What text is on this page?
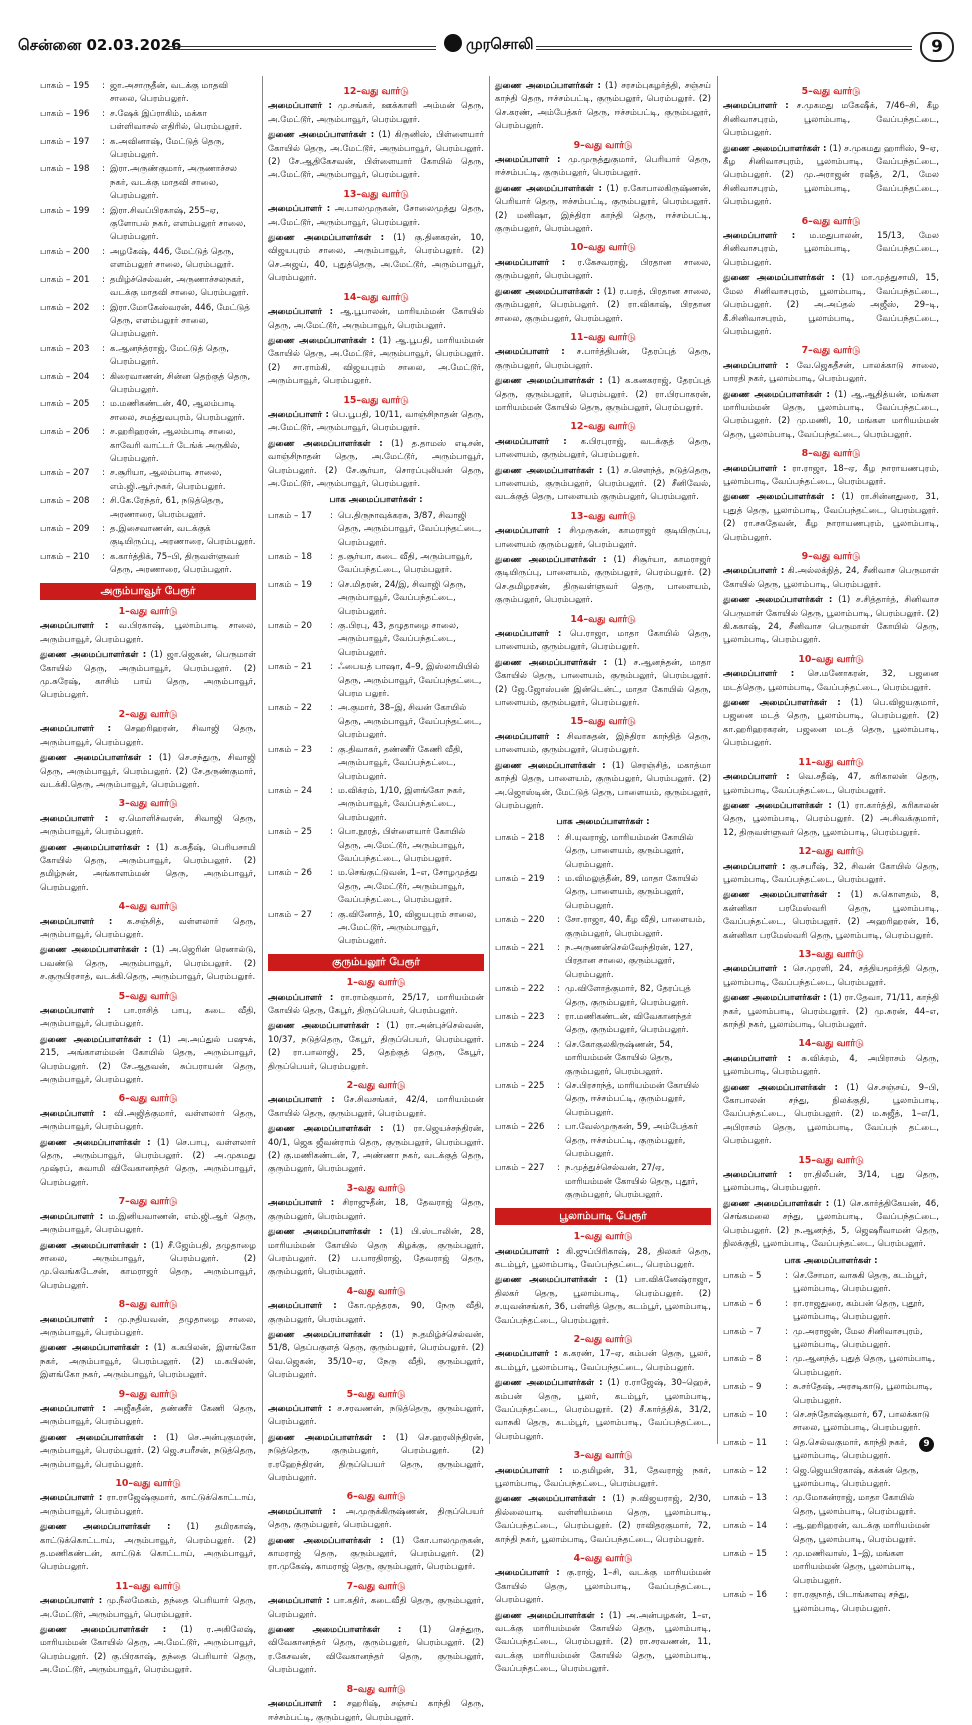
சென்னை 02.03.2026	முரசொலி	9
பாகம் – 195	: ஜா.அசாருதீன், வடக்கு மாதவி சாலை, பெரம்பலூர்.
பாகம் – 196	: ச.ஷேக் இப்ராகிம், மக்கா பள்ளிவாசல் எதிரில், பெரம்பலூர்.
பாகம் – 197	: க.அவினாஷ், மேட்டுத் தெரு, பெரம்பலூர்.
பாகம் – 198	: இரா.அருண்குமார், அருணாச்சல நகர், வடக்கு மாதவி சாலை, பெரம்பலூர்.
பாகம் – 199	: இரா.சிவப்பிரகாஷ், 255–ஏ, குளோபல் நகர், எளம்பலூர் சாலை, பெரம்பலூர்.
பாகம் – 200	: அழகேஷ், 446, மேட்டுத் தெரு, எளம்பலூர் சாலை, பெரம்பலூர்.
பாகம் – 201	: தமிழ்ச்செல்வன், அருணாச்சலநகர், வடக்கு மாதவி சாலை, பெரம்பலூர்.
பாகம் – 202	: இரா.மோகேஸ்வரன், 446, மேட்டுத் தெரு, எளம்பலூர் சாலை, பெரம்பலூர்.
பாகம் – 203	: க.ஆனந்த்ராஜ், மேட்டுத் தெரு, பெரம்பலூர்.
பாகம் – 204	: கிரைவாணன், சின்ன தெற்குத் தெரு, பெரம்பலூர்.
பாகம் – 205	: ம.மணிகண்டன், 40, ஆலம்பாடி சாலை, சமத்துவபுரம், பெரம்பலூர்.
பாகம் – 206	: ச.ஹரிஹரன், ஆலம்பாடி சாலை, காவேரி வாட்டர் டேங்க் அருகில், பெரம்பலூர்.
பாகம் – 207	: ச.சூரியா, ஆலம்பாடி சாலை, எம்.ஜி.ஆர்.நகர், பெரம்பலூர்.
பாகம் – 208	: சி.கே.ரேந்தர், 61, நடுத்தெரு, அரணாரை, பெரம்பலூர்.
பாகம் – 209	: த.இசைவாணன், வடக்குக் குடியிருப்பு, அரணாரை, பெரம்பலூர்.
பாகம் – 210	: க.கார்த்திக், 75–பி, திருவள்ளுவர் தெரு, அரணாரை, பெரம்பலூர்.
அரும்பாவூர் பேரூர்
1–வது வார்டு
அமைப்பாளர் : வ.பிரகாஷ், பூலாம்பாடி சாலை, அரும்பாவூர், பெரம்பலூர்.
துணை அமைப்பாளர்கள் : (1) ஜா.ஜெகன், பெருமாள் கோயில் தெரு, அரும்பாவூர், பெரம்பலூர். (2) மு.சுரேஷ், காசிம் பாய் தெரு, அரும்பாவூர், பெரம்பலூர்.
2–வது வார்டு
அமைப்பாளர் : செஹரிஹரன், சிவாஜி தெரு, அரும்பாவூர், பெரம்பலூர்.
துணை அமைப்பாளர்கள் : (1) செ.சந்துரு, சிவாஜி தெரு, அரும்பாவூர், பெரம்பலூர். (2) சே.தருண்குமார், வடக்கி.தெரு, அரும்பாவூர், பெரம்பலூர்.
3–வது வார்டு
அமைப்பாளர் : ஏ.மொளிச்வரன், சிவாஜி தெரு, அரும்பாவூர், பெரம்பலூர்.
துணை அமைப்பாளர்கள் : (1) க.கதீஷ், பெரியசாமி கோயில் தெரு, அரும்பாவூர், பெரம்பலூர். (2) தமிழ்நன், அங்காளம்மன் தெரு, அரும்பாவூர், பெரம்பலூர்.
4–வது வார்டு
அமைப்பாளர் : க.சஞ்சித், வள்ளலார் தெரு, அரும்பாவூர், பெரம்பலூர்.
துணை அமைப்பாளர்கள் : (1) அ.ஜெரின் ரெனால்டு, பவண்டு தெரு, அரும்பாவூர், பெரம்பலூர். (2) ச.குருபிரசாத், வடக்கி.தெரு, அரும்பாவூர், பெரம்பலூர்.
5–வது வார்டு
அமைப்பாளர் : பா.ராசித் பாபு, கடை வீதி, அரும்பாவூர், பெரம்பலூர்.
துணை அமைப்பாளர்கள் : (1) அ.அப்துல் பஷுக், 215, அங்காளம்மன் கோயில் தெரு, அரும்பாவூர், பெரம்பலூர். (2) சே.ஆதவன், சுப்பராயன் தெரு, அரும்பாவூர், பெரம்பலூர்.
6–வது வார்டு
அமைப்பாளர் : வி.அஜித்குமார், வள்ளலார் தெரு, அரும்பாவூர், பெரம்பலூர்.
துணை அமைப்பாளர்கள் : (1) செ.பாபு, வள்ளலார் தெரு, அரும்பாவூர், பெரம்பலூர். (2) அ.முகமது முஷ்ரப், சுவாமி விவேகானந்தர் தெரு, அரும்பாவூர், பெரம்பலூர்.
7–வது வார்டு
அமைப்பாளர் : ம.இனியவாணன், எம்.ஜி.ஆர் தெரு, அரும்பாவூர், பெரம்பலூர்.
துணை அமைப்பாளர்கள் : (1) சீ.ஜேம்பதி, தழுதாழை சாலை, அரும்பாவூர், பெரம்பலூர். (2) மு.வெங்கடேசன், காமராஜர் தெரு, அரும்பாவூர், பெரம்பலூர்.
8–வது வார்டு
அமைப்பாளர் : மு.நதியவன், தழுதாழை சாலை, அரும்பாவூர், பெரம்பலூர்.
துணை அமைப்பாளர்கள் : (1) க.கபிலன், இளங்கோ நகர், அரும்பாவூர், பெரம்பலூர். (2) ம.கபிலன், இளங்கோ நகர், அரும்பாவூர், பெரம்பலூர்.
9–வது வார்டு
அமைப்பாளர் : அஜீசுதீன், தண்ணீர் கேணி தெரு, அரும்பாவூர், பெரம்பலூர்.
துணை அமைப்பாளர்கள் : (1) செ.அன்புகுமரன், அரும்பாவூர், பெரம்பலூர். (2) ஜெ.சபரீசன், நடுத்தெரு, அரும்பாவூர், பெரம்பலூர்.
10–வது வார்டு
அமைப்பாளர் : ரா.ராஜேஷ்குமார், காட்டுக்கொட்டாய், அரும்பாவூர், பெரம்பலூர்.
துணை அமைப்பாளர்கள் : (1) தமிரகாஷ், காட்டுக்கொட்டாய், அரும்பாவூர், பெரம்பலூர். (2) த.மணிகண்டன், காட்டுக் கொட்டாய், அரும்பாவூர், பெரம்பலூர்.
11–வது வார்டு
அமைப்பாளர் : மு.நீலமேகம், தந்தை பெரியார் தெரு, அ.மேட்டூர், அரும்பாவூர், பெரம்பலூர்.
துணை அமைப்பாளர்கள் : (1) ர.அகிலேஷ், மாரியம்மன் கோயில் தெரு, அ.மேட்டூர், அரும்பாவூர், பெரம்பலூர். (2) கு.பிரகாஷ், தந்தை பெரியார் தெரு, அ.மேட்டூர், அரும்பாவூர், பெரம்பலூர்.
12–வது வார்டு
அமைப்பாளர் : மு.சங்கர், ஊக்காளி அம்மன் தெரு, அ.மேட்டூர், அரும்பாவூர், பெரம்பலூர்.
துணை அமைப்பாளர்கள் : (1) கிருனிஸ், பிள்ளையார் கோயில் தெரு, அ.மேட்டூர், அரும்பாவூர், பெரம்பலூர். (2) சே.ஆதிகேசவன், பிள்ளையார் கோயில் தெரு, அ.மேட்டூர், அரும்பாவூர், பெரம்பலூர்.
13–வது வார்டு
அமைப்பாளர் : அ.பாலமுருகன், சோலைமுத்து தெரு, அ.மேட்டூர், அரும்பாவூர், பெரம்பலூர்.
துணை அமைப்பாளர்கள் : (1) கு.தினகரன், 10, விஜயபுரம் சாலை, அரும்பாவூர், பெரம்பலூர். (2) செ.அஜய், 40, புதுத்தெரு, அ.மேட்டூர், அரும்பாவூர், பெரம்பலூர்.
14–வது வார்டு
அமைப்பாளர் : ஆ.பூபாலன், மாரியம்மன் கோயில் தெரு, அ.மேட்டூர், அரும்பாவூர், பெரம்பலூர்.
துணை அமைப்பாளர்கள் : (1) ஆ.பூபதி, மாரியம்மன் கோயில் தெரு, அ.மேட்டூர், அரும்பாவூர், பெரம்பலூர். (2) சா.ராம்கி, விஜயபுரம் சாலை, அ.மேட்டூர், அரும்பாவூர், பெரம்பலூர்.
15–வது வார்டு
அமைப்பாளர் : பெ.பூபதி, 10/11, வாஞ்சிநாதன் தெரு, அ.மேட்டூர், அரும்பாவூர், பெரம்பலூர்.
துணை அமைப்பாளர்கள் : (1) த.தாமஸ் எடிசன், வாஞ்சிநாதன் தெரு, அ.மேட்டூர், அரும்பாவூர், பெரம்பலூர். (2) சே.சூர்யா, சொரப்புலியன் தெரு, அ.மேட்டூர், அரும்பாவூர், பெரம்பலூர்.
பாக அமைப்பாளர்கள் :
பாகம் – 17	: பெ.திருநாவுக்கரசு, 3/87, சிவாஜி தெரு, அரும்பாவூர், வேப்பந்தட்டை, பெரம்பலூர்.
பாகம் – 18	: த.சூர்யா, கடை வீதி, அரும்பாவூர், வேப்பந்தட்டை, பெரம்பலூர்.
பாகம் – 19	: செ.மிதரன், 24/இ, சிவாஜி தெரு, அரும்பாவூர், வேப்பந்தட்டை, பெரம்பலூர்.
பாகம் – 20	: கு.பிரபு, 43, தழுதாழை சாலை, அரும்பாவூர், வேப்பந்தட்டை, பெரம்பலூர்.
பாகம் – 21	: ஃபையத் பாஷா, 4–9, இஸ்லாமியில் தெரு, அரும்பாவூர், வேப்பந்தட்டை, பெரம பலூர்.
பாகம் – 22	: அ.குமார், 38–இ, சிவன் கோயில் தெரு, அரும்பாவூர், வேப்பந்தட்டை, பெரம்பலூர்.
பாகம் – 23	: கு.திவாகர், தண்ணீர் கேணி வீதி, அரும்பாவூர், வேப்பந்தட்டை, பெரம்பலூர்.
பாகம் – 24	: ம.விக்ரம், 1/10, இளங்கோ நகர், அரும்பாவூர், வேப்பந்தட்டை, பெரம்பலூர்.
பாகம் – 25	: பொ.நூரத், பிள்ளையார் கோயில் தெரு, அ.மேட்டூர், அரும்பாவூர், வேப்பந்தட்டை, பெரம்பலூர்.
பாகம் – 26	: ம.செங்குட்டுவன், 1–எ, சோழமுத்து தெரு, அ.மேட்டூர், அரும்பாவூர், வேப்பந்தட்டை, பெரம்பலூர்.
பாகம் – 27	: கு.வினோத், 10, விஜயபுரம் சாலை, அ.மேட்டூர், அரும்பாவூர், பெரம்பலூர்.
குரும்பலூர் பேரூர்
1–வது வார்டு
அமைப்பாளர் : ரா.ராம்குமார், 25/17, மாரியம்மன் கோயில் தெரு, கேபூர், திருப்பெயர், பெரம்பலூர்.
துணை அமைப்பாளர்கள் : (1) ரா.அன்புச்செல்வன், 10/37, நடுத்தெரு, கேபூர், திருப்பெயர், பெரம்பலூர். (2) ரா.பாலாஜி, 25, தெற்குத் தெரு, கேபூர், திருப்பெயர், பெரம்பலூர்.
2–வது வார்டு
அமைப்பாளர் : சே.சிவசங்கர், 42/4, மாரியம்மன் கோயில் தெரு, குரும்பலூர், பெரம்பலூர்.
துணை அமைப்பாளர்கள் : (1) ரா.ஜெயச்சந்திரன், 40/1, ஜெக ஜீவன்ராம் தெரு, குரும்பலூர், பெரம்பலூர். (2) கு.மணிகண்டன், 7, அண்ணா நகர், வடக்குத் தெரு, குரும்பலூர், பெரம்பலூர்.
3–வது வார்டு
அமைப்பாளர் : சிராஜுதீன், 18, தேவராஜ் தெரு, குரும்பலூர், பெரம்பலூர்.
துணை அமைப்பாளர்கள் : (1) பி.ஸ்டாலின், 28, மாரியம்மன் கோயில் தெரு கிழக்கு, குரும்பலூர், பெரம்பலூர். (2) ப.பாரதிராஜ், தேவராஜ் தெரு, குரும்பலூர், பெரம்பலூர்.
4–வது வார்டு
அமைப்பாளர் : கோ.முத்தரசு, 90, நேரு வீதி, குரும்பலூர், பெரம்பலூர்.
துணை அமைப்பாளர்கள் : (1) ந.தமிழ்ச்செல்வன், 51/8, தெப்பகுளத் தெரு, குரும்பலூர், பெரம்பலூர். (2) வெ.ஜெகன், 35/10–ஏ, நேரு வீதி, குரும்பலூர், பெரம்பலூர்.
5–வது வார்டு
அமைப்பாளர் : ச.சரவணன், நடுத்தெரு, குரும்பலூர், பெரம்பலூர்.
துணை அமைப்பாளர்கள் : (1) செ.ஹரலிந்திரன், நடுத்தெரு, குரும்பலூர், பெரம்பலூர். (2) ர.ரஹேந்திரன், திருப்பெயர் தெரு, குரும்பலூர், பெரம்பலூர்.
6–வது வார்டு
அமைப்பாளர் : அ.முருக்கிருஷ்ணன், திருப்பெயர் தெரு, குரும்பலூர், பெரம்பலூர்.
துணை அமைப்பாளர்கள் : (1) கோ.பாலமுருகன், காமராஜ் தெரு, குரும்பலூர், பெரம்பலூர். (2) ரா.முகேஷ், காமராஜ் தெரு, குரும்பலூர், பெரம்பலூர்.
7–வது வார்டு
அமைப்பாளர் : பா.கதிர், கடைவீதி தெரு, குரும்பலூர், பெரம்பலூர்.
துணை அமைப்பாளர்கள் : (1) செந்துரு, விவேகானந்தர் தெரு, குரும்பலூர், பெரம்பலூர். (2) ர.கேசவன், விவேகானந்தர் தெரு, குரும்பலூர், பெரம்பலூர்.
8–வது வார்டு
அமைப்பாளர் : சஹரிஷ், சஞ்சய் காந்தி தெரு, ஈச்சம்பட்டி, குரும்பலூர், பெரம்பலூர்.
துணை அமைப்பாளர்கள் : (1) சரசம்புகழர்த்தி, சஞ்சய் காந்தி தெரு, ஈச்சம்பட்டி, குரும்பலூர், பெரம்பலூர். (2) செ.கரண், அம்பேத்கர் தெரு, ஈச்சம்பட்டி, குரும்பலூர், பெரம்பலூர்.
9–வது வார்டு
அமைப்பாளர் : மு.முருத்துகுமார், பெரியார் தெரு, ஈச்சம்பட்டி, குரும்பலூர், பெரம்பலூர்.
துணை அமைப்பாளர்கள் : (1) ர.கோபாலகிருஷ்ணன், பெரியார் தெரு, ஈச்சம்பட்டி, குரும்பலூர், பெரம்பலூர். (2) மனிஷா, இந்திரா காந்தி தெரு, ஈச்சம்பட்டி, குரும்பலூர், பெரம்பலூர்.
10–வது வார்டு
அமைப்பாளர் : ர.கேசவராஜ், பிரதான சாலை, குரும்பலூர், பெரம்பலூர்.
துணை அமைப்பாளர்கள் : (1) ர.பரத், பிரதான சாலை, குரும்பலூர், பெரம்பலூர். (2) ரா.விகாஷ், பிரதான சாலை, குரும்பலூர், பெரம்பலூர்.
11–வது வார்டு
அமைப்பாளர் : ச.பார்த்திபன், தேரப்புத் தெரு, குரும்பலூர், பெரம்பலூர்.
துணை அமைப்பாளர்கள் : (1) க.கனகராஜ், தேரப்புத் தெரு, குரும்பலூர், பெரம்பலூர். (2) ரா.பிரபாகரன், மாரியம்மன் கோயில் தெரு, குரும்பலூர், பெரம்பலூர்.
12–வது வார்டு
அமைப்பாளர் : க.பிரபுராஜ், வடக்குத் தெரு, பாளையம், குரும்பலூர், பெரம்பலூர்.
துணை அமைப்பாளர்கள் : (1) ச.செளந்த், நடுத்தெரு, பாளையம், குரும்பலூர், பெரம்பலூர். (2) சீனிவேல், வடக்குத் தெரு, பாளையம் குரும்பலூர், பெரம்பலூர்.
13–வது வார்டு
அமைப்பாளர் : சிமுருகன், காமராஜர் குடியிருப்பு, பாளையம் குரும்பலூர், பெரம்பலூர்.
துணை அமைப்பாளர்கள் : (1) சிசூர்யா, காமராஜர் குடியிருப்பு, பாளையம், குரும்பலூர், பெரம்பலூர். (2) செ.தமிழரசன், திருவள்ளுவர் தெரு, பாளையம், குரும்பலூர், பெரம்பலூர்.
14–வது வார்டு
அமைப்பாளர் : பெ.ராஜா, மாதா கோயில் தெரு, பாளையம், குரும்பலூர், பெரம்பலூர்.
துணை அமைப்பாளர்கள் : (1) ச.ஆனந்தன், மாதா கோயில் தெரு, பாளையம், குரும்பலூர், பெரம்பலூர். (2) ஜே.ஜோஸ்பன் இன்டென்ட், மாதா கோயில் தெரு, பாளையம், குரும்பலூர், பெரம்பலூர்.
15–வது வார்டு
அமைப்பாளர் : சிவாசுதன், இந்திரா காந்தித் தெரு, பாளையம், குரும்பலூர், பெரம்பலூர்.
துணை அமைப்பாளர்கள் : (1) செரஞ்சித், மகாத்மா காந்தி தெரு, பாளையம், குரும்பலூர், பெரம்பலூர். (2) அ.ஜொஸ்டின், மேட்டுத் தெரு, பாளையம், குரும்பலூர், பெரம்பலூர்.
பாக அமைப்பாளர்கள் :
பாகம் – 218	: சி.யுவராஜ், மாரியம்மன் கோயில் தெரு, பாளையம், குரும்பலூர், பெரம்பலூர்.
பாகம் – 219	: ம.விமலுத்தீன், 89, மாதா கோயில் தெரு, பாளையம், குரும்பலூர், பெரம்பலூர்.
பாகம் – 220	: சோ.ராஜா, 40, கீழ வீதி, பாளையம், குரும்பலூர், பெரம்பலூர்.
பாகம் – 221	: ந.அருணன்செல்வேந்திரன், 127, பிரதான சாலை, குரும்பலூர், பெரம்பலூர்.
பாகம் – 222	: மு.விளோத்குமார், 82, தேரப்புத் தெரு, குரும்பலூர், பெரம்பலூர்.
பாகம் – 223	: ரா.மணிகண்டன், விவேகானந்தர் தெரு, குரும்பலூர், பெரம்பலூர்.
பாகம் – 224	: செ.கோகுலகிருஷ்ணன், 54, மாரியம்மன் கோயில் தெரு, குரும்பலூர், பெரம்பலூர்.
பாகம் – 225	: செ.பிரசாந்த், மாரியம்மன் கோயில் தெரு, ஈச்சம்பட்டி, குரும்பலூர், பெரம்பலூர்.
பாகம் – 226	: பா.வேல்முருகன், 59, அம்பேத்கர் தெரு, ஈச்சம்பட்டி, குரும்பலூர், பெரம்பலூர்.
பாகம் – 227	: ந.முத்துச்செல்வன், 27/ஏ, மாரியம்மன் கோயில் தெரு, புதூர், குரும்பலூர், பெரம்பலூர்.
பூலாம்பாடி பேரூர்
1–வது வார்டு
அமைப்பாளர் : கி.ஜுப்பிரிகாஷ், 28, திலகர் தெரு, கடம்பூர், பூலாம்பாடி, வேப்பந்தட்டை, பெரம்பலூர்.
துணை அமைப்பாளர்கள் : (1) பா.விக்னேஷ்ராஜா, திலகர் தெரு, பூலாம்பாடி, பெரம்பலூர். (2) ச.யுவன்சங்கர், 36, பள்ளித் தெரு, கடம்பூர், பூலாம்பாடி, வேப்பந்தட்டை, பெரம்பலூர்.
2–வது வார்டு
அமைப்பாளர் : க.கரண், 17–ஏ, கம்பன் தெரு, பூலர், கடம்பூர், பூலாம்பாடி, வேப்பந்தட்டை, பெரம்பலூர்.
துணை அமைப்பாளர்கள் : (1) ர.ராஜேஷ், 30–ஹெச், கம்பன் தெரு, பூலர், கடம்பூர், பூலாம்பாடி, வேப்பந்தட்டை, பெரம்பலூர். (2) சீ.கார்த்திக், 31/2, வாசுகி தெரு, கடம்பூர், பூலாம்பாடி, வேப்பந்தட்டை, பெரம்பலூர்.
3–வது வார்டு
அமைப்பாளர் : ம.தமிழன், 31, தேவராஜ் நகர், பூலாம்பாடி, வேப்பந்தட்டை, பெரம்பலூர்.
துணை அமைப்பாளர்கள் : (1) ந.விஜயராஜ், 2/30, தில்லையாடி வள்ளியம்மை தெரு, பூலாம்பாடி, வேப்பந்தட்டை, பெரம்பலூர். (2) ராவிதரகுமார், 72, காந்தி நகர், பூலாம்பாடி, வேப்பந்தட்டை, பெரம்பலூர்.
4–வது வார்டு
அமைப்பாளர் : கு.ராஜ், 1–சி, வடக்கு மாரியம்மன் கோயில் தெரு, பூலாம்பாடி, வேப்பந்தட்டை, பெரம்பலூர்.
துணை அமைப்பாளர்கள் : (1) அ.அன்பழகன், 1–எ, வடக்கு மாரியம்மன் கோயில் தெரு, பூலாம்பாடி, வேப்பந்தட்டை, பெரம்பலூர். (2) ரா.சரவணன், 11, வடக்கு மாரியம்மன் கோயில் தெரு, பூலாம்பாடி, வேப்பந்தட்டை, பெரம்பலூர்.
5–வது வார்டு
அமைப்பாளர் : ச.முகமது மகேஷீக், 7/46–சி, கீழ சினிவாசபுரம், பூலாம்பாடி, வேப்பந்தட்டை, பெரம்பலூர்.
துணை அமைப்பாளர்கள் : (1) ச.முகமது ஹாரிஸ், 9–ஏ, கீழ சினிவாசபுரம், பூலாம்பாடி, வேப்பந்தட்டை, பெரம்பலூர். (2) மு.அராஜன் ரஷீத், 2/1, மேல சினிவாசபுரம், பூலாம்பாடி, வேப்பந்தட்டை, பெரம்பலூர்.
6–வது வார்டு
அமைப்பாளர் : ம.மதுபாலன், 15/13, மேல சினிவாசபுரம், பூலாம்பாடி, வேப்பந்தட்டை, பெரம்பலூர்.
துணை அமைப்பாளர்கள் : (1) மா.முத்துசாமி, 15, மேல சினிவாசபுரம், பூலாம்பாடி, வேப்பந்தட்டை, பெரம்பலூர். (2) அ.அப்தல் அஜீஸ், 29–டி, கீ.சினிவாசபுரம், பூலாம்பாடி, வேப்பந்தட்டை, பெரம்பலூர்.
7–வது வார்டு
அமைப்பாளர் : வே.ஜெகதீசன், பாலக்காடு சாலை, பாரதி நகர், பூலாம்பாடி, பெரம்பலூர்.
துணை அமைப்பாளர்கள் : (1) ஆ.ஆதித்யன், மங்கள மாரியம்மன் தெரு, பூலாம்பாடி, வேப்பந்தட்டை, பெரம்பலூர். (2) மு.மணி, 10, மங்கள மாரியம்மன் தெரு, பூலாம்பாடி, வேப்பந்தட்டை, பெரம்பலூர்.
8–வது வார்டு
அமைப்பாளர் : ரா.ராஜா, 18–ஏ, கீழ நாராயணபுரம், பூலாம்பாடி, வேப்பந்தட்டை, பெரம்பலூர்.
துணை அமைப்பாளர்கள் : (1) ரா.சின்னதுரை, 31, புதுத் தெரு, பூலாம்பாடி, வேப்பந்தட்டை, பெரம்பலூர். (2) ரா.சசுதேவன், கீழ நாராயணபுரம், பூலாம்பாடி, பெரம்பலூர்.
9–வது வார்டு
அமைப்பாளர் : கி.அல்லக்நித், 24, சீனிவாச பெருமாள் கோயில் தெரு, பூலாம்பாடி, பெரம்பலூர்.
துணை அமைப்பாளர்கள் : (1) ச.சித்தார்த், சினிவாச பெருமாள் கோயில் தெரு, பூலாம்பாடி, பெரம்பலூர். (2) கி.ககாஷ், 24, சீனிவாச பெருமாள் கோயில் தெரு, பூலாம்பாடி, பெரம்பலூர்.
10–வது வார்டு
அமைப்பாளர் : செ.மனோகரன், 32, பஜனை மடத்தெரு, பூலாம்பாடி, வேப்பந்தட்டை, பெரம்பலூர்.
துணை அமைப்பாளர்கள் : (1) பெ.விஜயகுமார், பஜனை மடத் தெரு, பூலாம்பாடி, பெரம்பலூர். (2) கா.ஹரிஹரகரன், பஜனை மடத் தெரு, பூலாம்பாடி, பெரம்பலூர்.
11–வது வார்டு
அமைப்பாளர் : வெ.சதீஷ், 47, கரிகாலன் தெரு, பூலாம்பாடி, வேப்பந்தட்டை, பெரம்பலூர்.
துணை அமைப்பாளர்கள் : (1) ரா.கார்த்தி, கரிகாலன் தெரு, பூலாம்பாடி, பெரம்பலூர். (2) அ.சிவக்குமார், 12, திருவள்ளுவர் தெரு, பூலாம்பாடி, பெரம்பலூர்.
12–வது வார்டு
அமைப்பாளர் : கு.சபரீஷ், 32, சிவன் கோயில் தெரு, பூலாம்பாடி, வேப்பந்தட்டை, பெரம்பலூர்.
துணை அமைப்பாளர்கள் : (1) சு.கொளதம், 8, கன்னிகா பரமேஸ்வரி தெரு, பூலாம்பாடி, வேப்பந்தட்டை, பெரம்பலூர். (2) அஹரிஹரன், 16, கன்னிகா பரமேஸ்வரி தெரு, பூலாம்பாடி, பெரம்பலூர்.
13–வது வார்டு
அமைப்பாளர் : செ.முரளி, 24, சத்தியமூர்த்தி தெரு, பூலாம்பாடி, வேப்பந்தட்டை, பெரம்பலூர்.
துணை அமைப்பாளர்கள் : (1) ரா.தேவா, 71/11, காந்தி நகர், பூலாம்பாடி, பெரம்பலூர். (2) மு.சுரன், 44–எ, காந்தி நகர், பூலாம்பாடி, பெரம்பலூர்.
14–வது வார்டு
அமைப்பாளர் : சு.விக்ரம், 4, அபிராசம் தெரு, பூலாம்பாடி, பெரம்பலூர்.
துணை அமைப்பாளர்கள் : (1) செ.சஞ்சய், 9–பி, கோபாலன் சந்து, நிலக்குதி, பூலாம்பாடி, வேப்பந்தட்டை, பெரம்பலூர். (2) ம.சுஜீத், 1–எ/1, அபிராசம் தெரு, பூலாம்பாடி, வேப்பந் தட்டை, பெரம்பலூர்.
15–வது வார்டு
அமைப்பாளர் : ரா.திலீபன், 3/14, புது தெரு, பூலாம்பாடி, பெரம்பலூர்.
துணை அமைப்பாளர்கள் : (1) செ.கார்த்திகேயன், 46, செங்கமலை சந்து, பூலாம்பாடி, வேப்பந்தட்டை, பெரம்பலூர். (2) ந.ஆனந்த், 5, ஜெஷரீவாமன் தெரு, நிலக்குதி, பூலாம்பாடி, வேப்பந்தட்டை, பெரம்பலூர்.
பாக அமைப்பாளர்கள் :
பாகம் – 5	: செ.சோமா, வாசுகி தெரு, கடம்பூர், பூலாம்பாடி, பெரம்பலூர்.
பாகம் – 6	: ரா.ராஜதுரை, கம்பன் தெரு, புதூர், பூலாம்பாடி, பெரம்பலூர்.
பாகம் – 7	: மு.அராஜன், மேல சினிவாசபுரம், பூலாம்பாடி, பெரம்பலூர்.
பாகம் – 8	: மு.ஆனந்த், புதுத் தெரு, பூலாம்பாடி, பெரம்பலூர்.
பாகம் – 9	: சு.சர்தேஷ், அரசடிகாடு, பூலாம்பாடி, பெரம்பலூர்.
பாகம் – 10	: செ.சந்தோஷ்குமார், 67, பாலக்காடு சாலை, பூலாம்பாடி, பெரம்பலூர்.
பாகம் – 11	: தெ.செல்வகுமார், காந்தி நகர், பூலாம்பாடி, பெரம்பலூர்.
பாகம் – 12	: ஜெ.ஜெயபிரகாஷ், கக்கன் தெரு, பூலாம்பாடி, பெரம்பலூர்.
பாகம் – 13	: மு.மோகன்ராஜ், மாதா கோயில் தெரு, பூலாம்பாடி, பெரம்பலூர்.
பாகம் – 14	: ஆ.ஹரிஹரன், வடக்கு மாரியம்மன் தெரு, பூலாம்பாடி, பெரம்பலூர்.
பாகம் – 15	: மு.மணிவாஸ், 1–இ, மங்கள மாரியம்மன் தெரு, பூலாம்பாடி, பெரம்பலூர்.
பாகம் – 16	: ரா.ரகுநாத், பிடாங்களவு சந்து, பூலாம்பாடி, பெரம்பலூர்.
9
